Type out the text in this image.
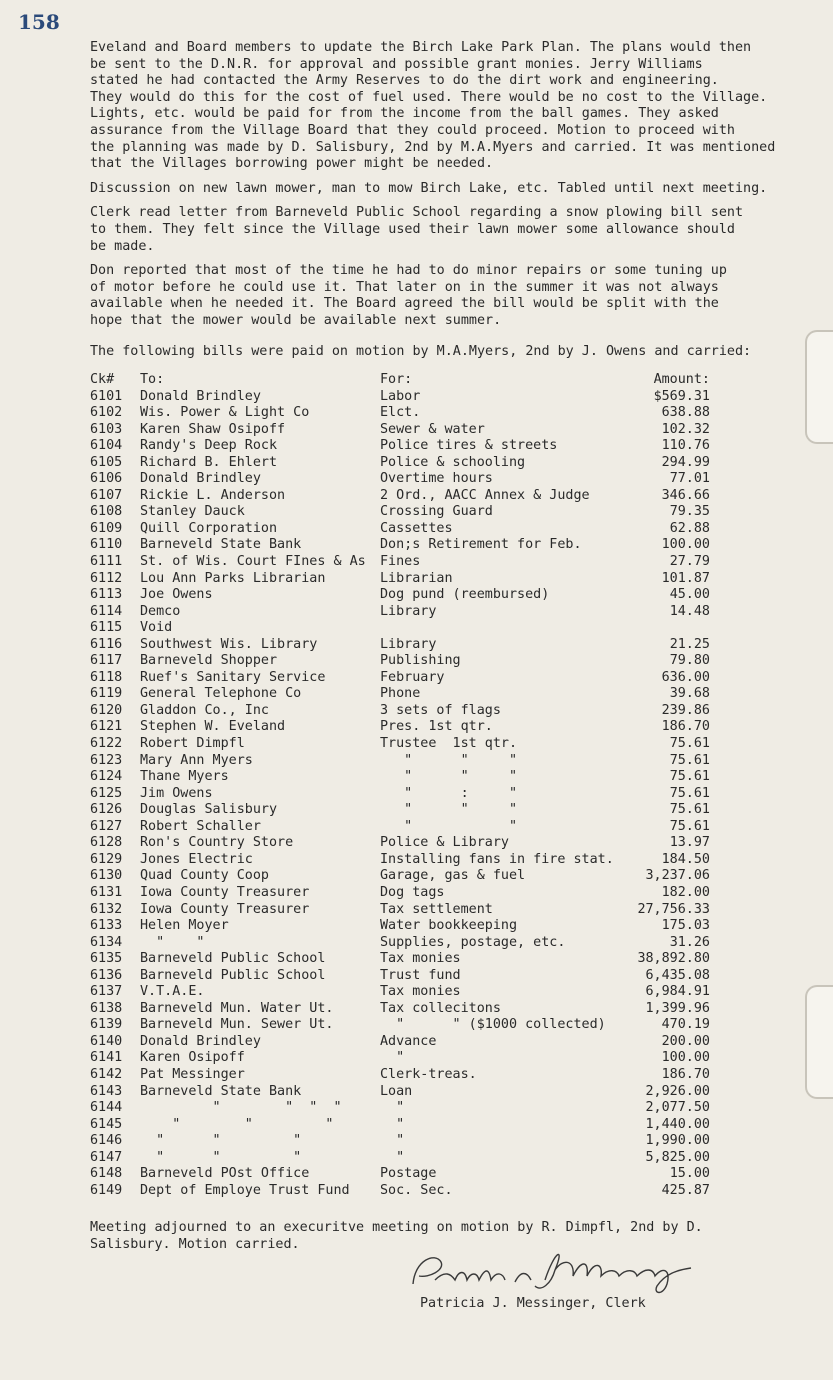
158

Eveland and Board members to update the Birch Lake Park Plan. The plans would then
be sent to the D.N.R. for approval and possible grant monies. Jerry Williams
stated he had contacted the Army Reserves to do the dirt work and engineering.
They would do this for the cost of fuel used. There would be no cost to the Village.
Lights, etc. would be paid for from the income from the ball games. They asked
assurance from the Village Board that they could proceed. Motion to proceed with
the planning was made by D. Salisbury, 2nd by M.A.Myers and carried. It was mentioned
that the Villages borrowing power might be needed.

Discussion on new lawn mower, man to mow Birch Lake, etc. Tabled until next meeting.

Clerk read letter from Barneveld Public School regarding a snow plowing bill sent
to them. They felt since the Village used their lawn mower some allowance should
be made.

Don reported that most of the time he had to do minor repairs or some tuning up
of motor before he could use it. That later on in the summer it was not always
available when he needed it. The Board agreed the bill would be split with the
hope that the mower would be available next summer.

The following bills were paid on motion by M.A.Myers, 2nd by J. Owens and carried:

Ck#	To:	For:	Amount:
6101	Donald Brindley	Labor	$569.31
6102	Wis. Power & Light Co	Elct.	638.88
6103	Karen Shaw Osipoff	Sewer & water	102.32
6104	Randy's Deep Rock	Police tires & streets	110.76
6105	Richard B. Ehlert	Police & schooling	294.99
6106	Donald Brindley	Overtime hours	77.01
6107	Rickie L. Anderson	2 Ord., AACC Annex & Judge	346.66
6108	Stanley Dauck	Crossing Guard	79.35
6109	Quill Corporation	Cassettes	62.88
6110	Barneveld State Bank	Don;s Retirement for Feb.	100.00
6111	St. of Wis. Court FInes & As	Fines	27.79
6112	Lou Ann Parks Librarian	Librarian	101.87
6113	Joe Owens	Dog pund (reembursed)	45.00
6114	Demco	Library	14.48
6115	Void
6116	Southwest Wis. Library	Library	21.25
6117	Barneveld Shopper	Publishing	79.80
6118	Ruef's Sanitary Service	February	636.00
6119	General Telephone Co	Phone	39.68
6120	Gladdon Co., Inc	3 sets of flags	239.86
6121	Stephen W. Eveland	Pres. 1st qtr.	186.70
6122	Robert Dimpfl	Trustee  1st qtr.	75.61
6123	Mary Ann Myers	"      "     "	75.61
6124	Thane Myers	"      "     "	75.61
6125	Jim Owens	"      :     "	75.61
6126	Douglas Salisbury	"      "     "	75.61
6127	Robert Schaller	"            "	75.61
6128	Ron's Country Store	Police & Library	13.97
6129	Jones Electric	Installing fans in fire stat.	184.50
6130	Quad County Coop	Garage, gas & fuel	3,237.06
6131	Iowa County Treasurer	Dog tags	182.00
6132	Iowa County Treasurer	Tax settlement	27,756.33
6133	Helen Moyer	Water bookkeeping	175.03
6134	"    "	Supplies, postage, etc.	31.26
6135	Barneveld Public School	Tax monies	38,892.80
6136	Barneveld Public School	Trust fund	6,435.08
6137	V.T.A.E.	Tax monies	6,984.91
6138	Barneveld Mun. Water Ut.	Tax collecitons	1,399.96
6139	Barneveld Mun. Sewer Ut.	"      " ($1000 collected)	470.19
6140	Donald Brindley	Advance	200.00
6141	Karen Osipoff	"	100.00
6142	Pat Messinger	Clerk-treas.	186.70
6143	Barneveld State Bank	Loan	2,926.00
6144	"        "  "  "	"	2,077.50
6145	"        "         "	"	1,440.00
6146	"      "         "	"	1,990.00
6147	"      "         "	"	5,825.00
6148	Barneveld POst Office	Postage	15.00
6149	Dept of Employe Trust Fund	Soc. Sec.	425.87
Meeting adjourned to an execuritve meeting on motion by R. Dimpfl, 2nd by D.
Salisbury. Motion carried.
Patricia J. Messinger, Clerk
